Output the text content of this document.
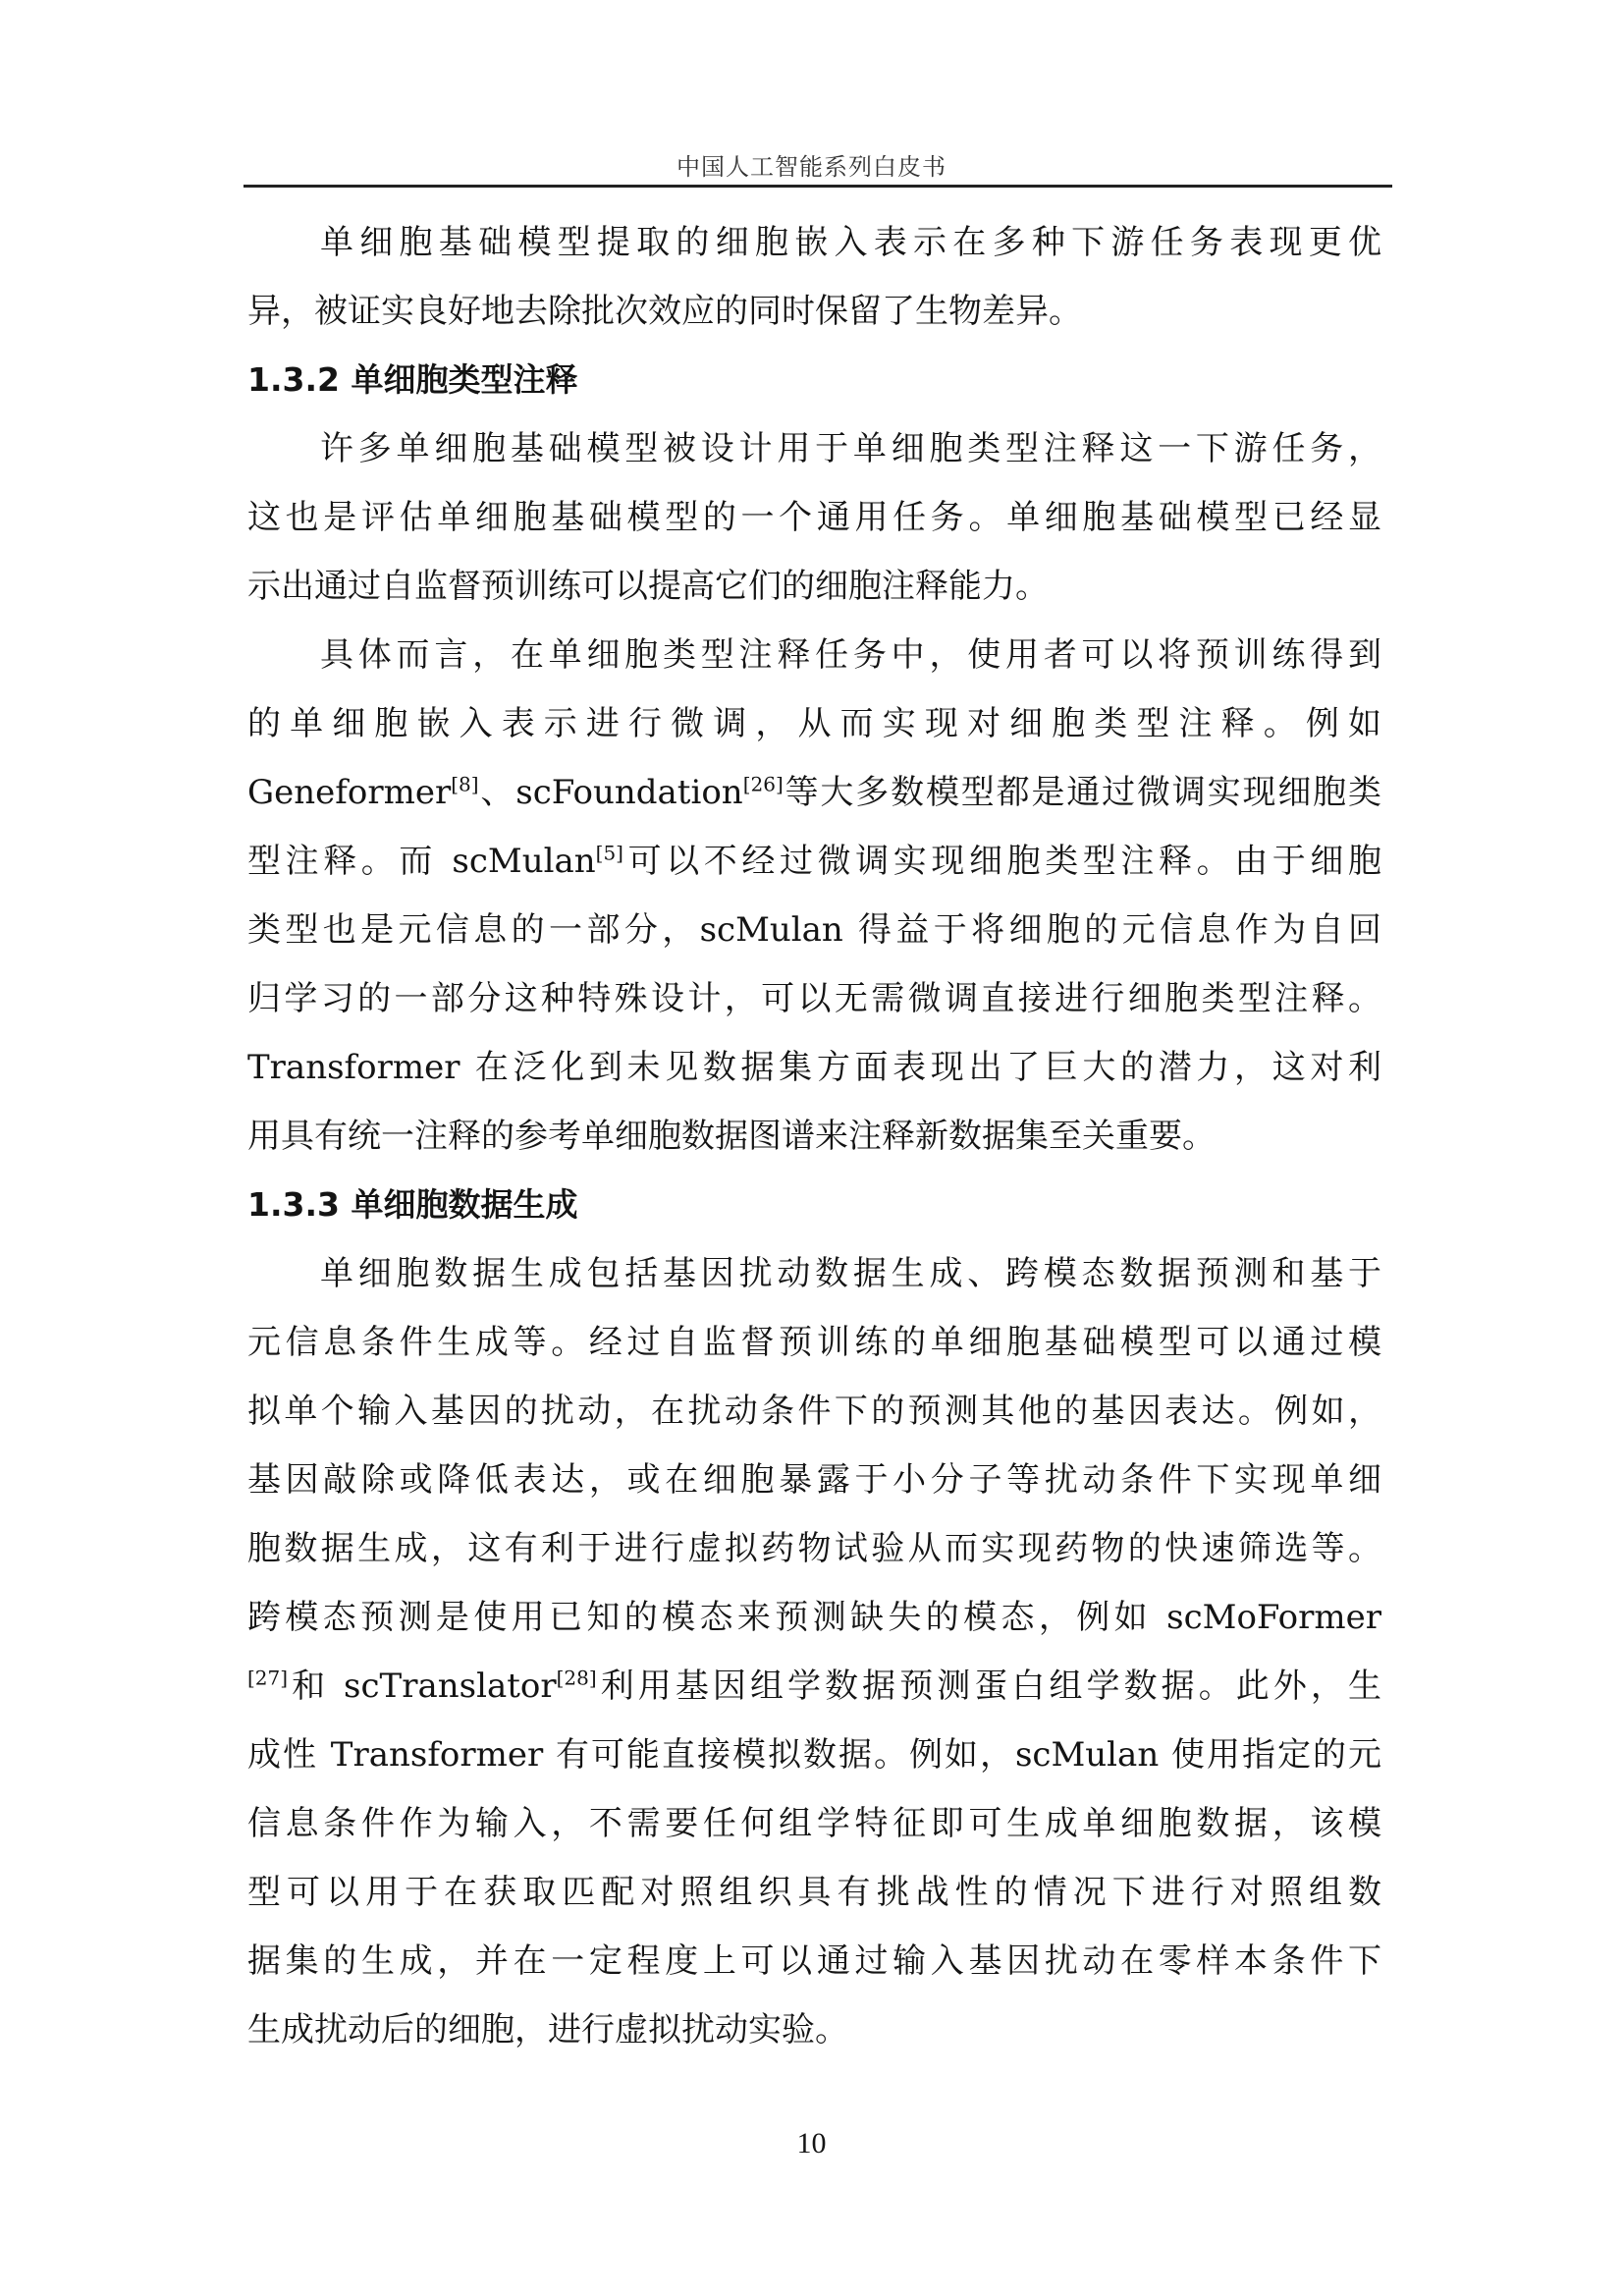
中国人工智能系列白皮书
单细胞基础模型提取的细胞嵌入表示在多种下游任务表现更优
异，被证实良好地去除批次效应的同时保留了生物差异。
1.3.2 单细胞类型注释
许多单细胞基础模型被设计用于单细胞类型注释这一下游任务，
这也是评估单细胞基础模型的一个通用任务。单细胞基础模型已经显
示出通过自监督预训练可以提高它们的细胞注释能力。
具体而言，在单细胞类型注释任务中，使用者可以将预训练得到
的单细胞嵌入表示进行微调，从而实现对细胞类型注释。例如
Geneformer[8]、scFoundation[26]等大多数模型都是通过微调实现细胞类
型注释。而 scMulan[5]可以不经过微调实现细胞类型注释。由于细胞
类型也是元信息的一部分，scMulan 得益于将细胞的元信息作为自回
归学习的一部分这种特殊设计，可以无需微调直接进行细胞类型注释。
Transformer 在泛化到未见数据集方面表现出了巨大的潜力，这对利
用具有统一注释的参考单细胞数据图谱来注释新数据集至关重要。
1.3.3 单细胞数据生成
单细胞数据生成包括基因扰动数据生成、跨模态数据预测和基于
元信息条件生成等。经过自监督预训练的单细胞基础模型可以通过模
拟单个输入基因的扰动，在扰动条件下的预测其他的基因表达。例如，
基因敲除或降低表达，或在细胞暴露于小分子等扰动条件下实现单细
胞数据生成，这有利于进行虚拟药物试验从而实现药物的快速筛选等。
跨模态预测是使用已知的模态来预测缺失的模态，例如 scMoFormer
[27]和 scTranslator[28]利用基因组学数据预测蛋白组学数据。此外，生
成性 Transformer 有可能直接模拟数据。例如，scMulan 使用指定的元
信息条件作为输入，不需要任何组学特征即可生成单细胞数据，该模
型可以用于在获取匹配对照组织具有挑战性的情况下进行对照组数
据集的生成，并在一定程度上可以通过输入基因扰动在零样本条件下
生成扰动后的细胞，进行虚拟扰动实验。
10
